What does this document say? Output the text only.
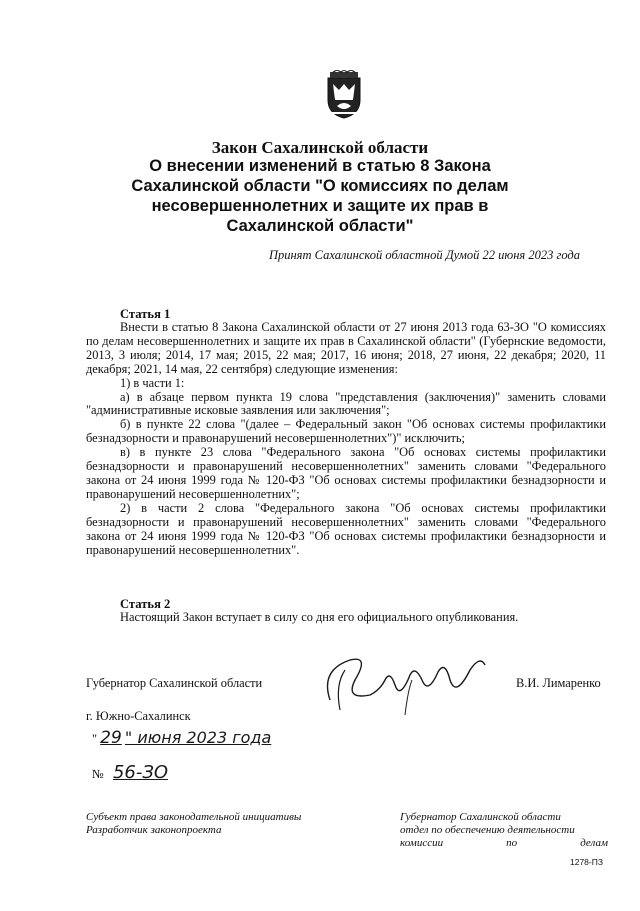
Закон Сахалинской области
О внесении изменений в статью 8 Закона
Сахалинской области "О комиссиях по делам
несовершеннолетних и защите их прав в
Сахалинской области"
Принят Сахалинской областной Думой 22 июня 2023 года
Статья 1

Внести в статью 8 Закона Сахалинской области от 27 июня 2013 года 63-ЗО "О комиссиях по делам несовершеннолетних и защите их прав в Сахалинской области" (Губернские ведомости, 2013, 3 июля; 2014, 17 мая; 2015, 22 мая; 2017, 16 июня; 2018, 27 июня, 22 декабря; 2020, 11 декабря; 2021, 14 мая, 22 сентября) следующие изменения:

1) в части 1:

а) в абзаце первом пункта 19 слова "представления (заключения)" заменить словами "административные исковые заявления или заключения";

б) в пункте 22 слова "(далее – Федеральный закон "Об основах системы профилактики безнадзорности и правонарушений несовершеннолетних")" исключить;

в) в пункте 23 слова "Федерального закона "Об основах системы профилактики безнадзорности и правонарушений несовершеннолетних" заменить словами "Федерального закона от 24 июня 1999 года № 120-ФЗ "Об основах системы профилактики безнадзорности и правонарушений несовершеннолетних";

2) в части 2 слова "Федерального закона "Об основах системы профилактики безнадзорности и правонарушений несовершеннолетних" заменить словами "Федерального закона от 24 июня 1999 года № 120-ФЗ "Об основах системы профилактики безнадзорности и правонарушений несовершеннолетних".

Статья 2

Настоящий Закон вступает в силу со дня его официального опубликования.

Губернатор Сахалинской области	В.И. Лимаренко
г. Южно-Сахалинск
" 29 " июня 2023 года
№ 56-ЗО
Субъект права законодательной инициативы
Разработчик законопроекта
Губернатор Сахалинской области
отдел по обеспечению деятельности
комиссии по делам
1278-ПЗ
